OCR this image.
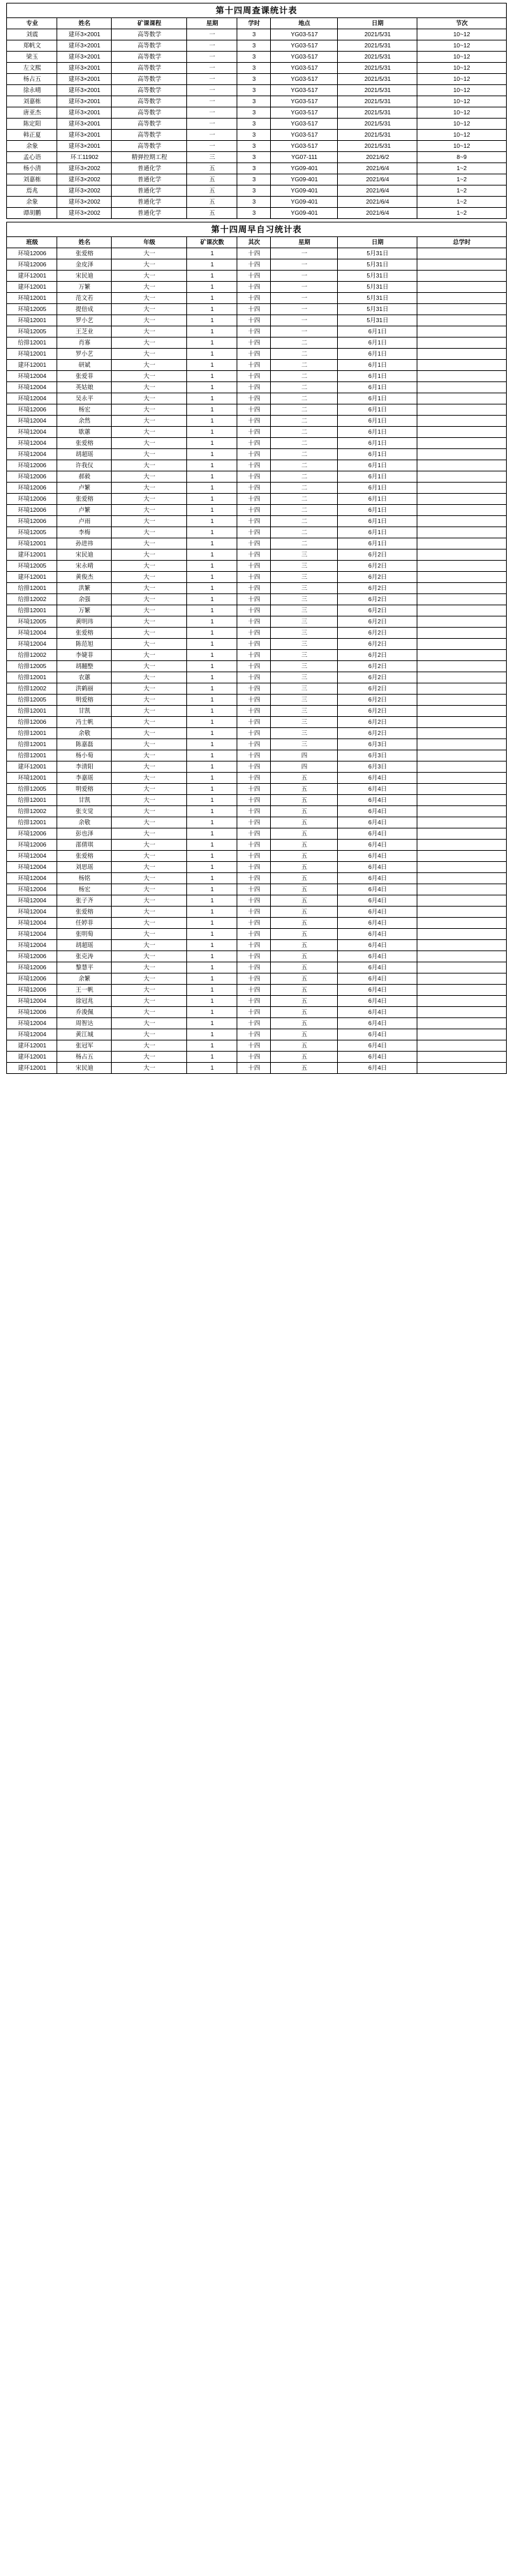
第十四周查课统计表							
专业	姓名	矿课课程	星期	学时	地点	日期	节次
刘震	建环3×2001	高等数学	一	3	YG03-517	2021/5/31	10~12
郑帆文	建环3×2001	高等数学	一	3	YG03-517	2021/5/31	10~12
梁玉	建环3×2001	高等数学	一	3	YG03-517	2021/5/31	10~12
左文熙	建环3×2001	高等数学	一	3	YG03-517	2021/5/31	10~12
杨占五	建环3×2001	高等数学	一	3	YG03-517	2021/5/31	10~12
徐永晴	建环3×2001	高等数学	一	3	YG03-517	2021/5/31	10~12
刘嘉栋	建环3×2001	高等数学	一	3	YG03-517	2021/5/31	10~12
唐亚杰	建环3×2001	高等数学	一	3	YG03-517	2021/5/31	10~12
陈定阳	建环3×2001	高等数学	一	3	YG03-517	2021/5/31	10~12
韩正夏	建环3×2001	高等数学	一	3	YG03-517	2021/5/31	10~12
余象	建环3×2001	高等数学	一	3	YG03-517	2021/5/31	10~12
孟心语	环工11902	精弹控期工程	三	3	YG07-111	2021/6/2	8~9
杨小清	建环3×2002	普通化学	五	3	YG09-401	2021/6/4	1~2
刘嘉栋	建环3×2002	普通化学	五	3	YG09-401	2021/6/4	1~2
焉兆	建环3×2002	普通化学	五	3	YG09-401	2021/6/4	1~2
余象	建环3×2002	普通化学	五	3	YG09-401	2021/6/4	1~2
谭胡鹏	建环3×2002	普通化学	五	3	YG09-401	2021/6/4	1~2
第十四周早自习统计表							
班级	姓名	年级	矿课次数	其次	星期	日期	总学时
环境12006	张爱榕	大一	1	十四	一	5月31日	
环境12006	金皮泽	大一	1	十四	一	5月31日	
建环12001	宋民迪	大一	1	十四	一	5月31日	
建环12001	万繁	大一	1	十四	一	5月31日	
环境12001	范文若	大一	1	十四	一	5月31日	
环境12005	提倍成	大一	1	十四	一	5月31日	
环境12001	罗小艺	大一	1	十四	一	5月31日	
环境12005	王芝业	大一	1	十四	一	6月1日	
给排12001	肖寡	大一	1	十四	二	6月1日	
环境12001	罗小艺	大一	1	十四	二	6月1日	
建环12001	研斌	大一	1	十四	二	6月1日	
环境12004	张爱菲	大一	1	十四	二	6月1日	
环境12004	英姑娘	大一	1	十四	二	6月1日	
环境12004	吴永平	大一	1	十四	二	6月1日	
环境12006	杨宏	大一	1	十四	二	6月1日	
环境12004	余然	大一	1	十四	二	6月1日	
环境12004	歇蕙	大一	1	十四	二	6月1日	
环境12004	张爱榕	大一	1	十四	二	6月1日	
环境12004	胡超瑶	大一	1	十四	二	6月1日	
环境12006	许我仪	大一	1	十四	二	6月1日	
环境12006	郝毅	大一	1	十四	二	6月1日	
环境12006	卢繁	大一	1	十四	二	6月1日	
环境12006	张爱榕	大一	1	十四	二	6月1日	
环境12006	卢繁	大一	1	十四	二	6月1日	
环境12006	卢雨	大一	1	十四	二	6月1日	
环境12005	李梅	大一	1	十四	二	6月1日	
环境12001	孙进祎	大一	1	十四	二	6月1日	
建环12001	宋民迪	大一	1	十四	三	6月2日	
环境12005	宋永晴	大一	1	十四	三	6月2日	
建环12001	黄俊杰	大一	1	十四	三	6月2日	
给排12001	洪繁	大一	1	十四	三	6月2日	
给排12002	余强	大一	1	十四	三	6月2日	
给排12001	万繁	大一	1	十四	三	6月2日	
环境12005	黄明玮	大一	1	十四	三	6月2日	
环境12004	张爱榕	大一	1	十四	三	6月2日	
环境12004	陈范旭	大一	1	十四	三	6月2日	
给排12002	李婕菲	大一	1	十四	三	6月2日	
给排12005	胡翻整	大一	1	十四	三	6月2日	
给排12001	农蕙	大一	1	十四	三	6月2日	
给排12002	洪鹤丽	大一	1	十四	三	6月2日	
给排12005	明爱榕	大一	1	十四	三	6月2日	
给排12001	甘凯	大一	1	十四	三	6月2日	
给排12006	冯士帆	大一	1	十四	三	6月2日	
给排12001	余敬	大一	1	十四	三	6月2日	
给排12001	陈嘉磊	大一	1	十四	三	6月3日	
给排12001	杨小萄	大一	1	十四	四	6月3日	
建环12001	李清阳	大一	1	十四	四	6月3日	
环境12001	李嘉瑶	大一	1	十四	五	6月4日	
给排12005	明爱榕	大一	1	十四	五	6月4日	
给排12001	甘凯	大一	1	十四	五	6月4日	
给排12002	张支觉	大一	1	十四	五	6月4日	
给排12001	余敬	大一	1	十四	五	6月4日	
环境12006	彭也泽	大一	1	十四	五	6月4日	
环境12006	邵倩琪	大一	1	十四	五	6月4日	
环境12004	张爱榕	大一	1	十四	五	6月4日	
环境12004	刘思瑶	大一	1	十四	五	6月4日	
环境12004	杨铭	大一	1	十四	五	6月4日	
环境12004	杨宏	大一	1	十四	五	6月4日	
环境12004	张子齐	大一	1	十四	五	6月4日	
环境12004	张爱榕	大一	1	十四	五	6月4日	
环境12004	任婷菲	大一	1	十四	五	6月4日	
环境12004	张明萄	大一	1	十四	五	6月4日	
环境12004	胡超瑶	大一	1	十四	五	6月4日	
环境12006	张克涛	大一	1	十四	五	6月4日	
环境12006	黎慧平	大一	1	十四	五	6月4日	
环境12006	余繁	大一	1	十四	五	6月4日	
环境12006	王一帆	大一	1	十四	五	6月4日	
环境12004	徐冠兆	大一	1	十四	五	6月4日	
环境12006	乔浚佩	大一	1	十四	五	6月4日	
环境12004	周智达	大一	1	十四	五	6月4日	
环境12004	黄江城	大一	1	十四	五	6月4日	
建环12001	张冠军	大一	1	十四	五	6月4日	
建环12001	杨占五	大一	1	十四	五	6月4日	
建环12001	宋民迪	大一	1	十四	五	6月4日	
